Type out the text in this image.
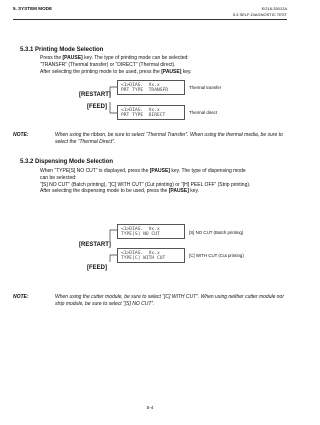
5. SYSTEM MODE	EO18-33012A
5.3 SELF-DIAGNOSTIC TEST
5.3.1 Printing Mode Selection
Press the [PAUSE] key. The type of printing mode can be selected:
“TRANSFR” (Thermal transfer) or “DIRECT” (Thermal direct).
After selecting the printing mode to be used, press the [PAUSE] key.
<1>DIAG.  Vx.x
PRT TYPE  TRANSFR
<1>DIAG.  Vx.x
PRT TYPE  DIRECT
Thermal transfer
Thermal direct
[RESTART]
[FEED]
NOTE:	When using the ribbon, be sure to select “Thermal Transfer”. When using the thermal media, be sure to select the “Thermal Direct”.
5.3.2 Dispensing Mode Selection
When “TYPE[S] NO CUT” is displayed, press the [PAUSE] key. The type of dispensing mode
can be selected:
“[S] NO CUT” (Batch printing), “[C] WITH CUT” (Cut printing) or “[H] PEEL OFF” (Strip printing).
After selecting the dispensing mode to be used, press the [PAUSE] key.
<1>DIAG.  Vx.x
TYPE[S] NO CUT
<1>DIAG.  Vx.x
TYPE[C] WITH CUT
[S] NO CUT (Batch printing)
[C] WITH CUT (Cut printing)
[RESTART]
[FEED]
NOTE:	When using the cutter module, be sure to select “[C] WITH CUT”. When using neither cutter module nor strip module, be sure to select “[S] NO CUT”.
5-4
